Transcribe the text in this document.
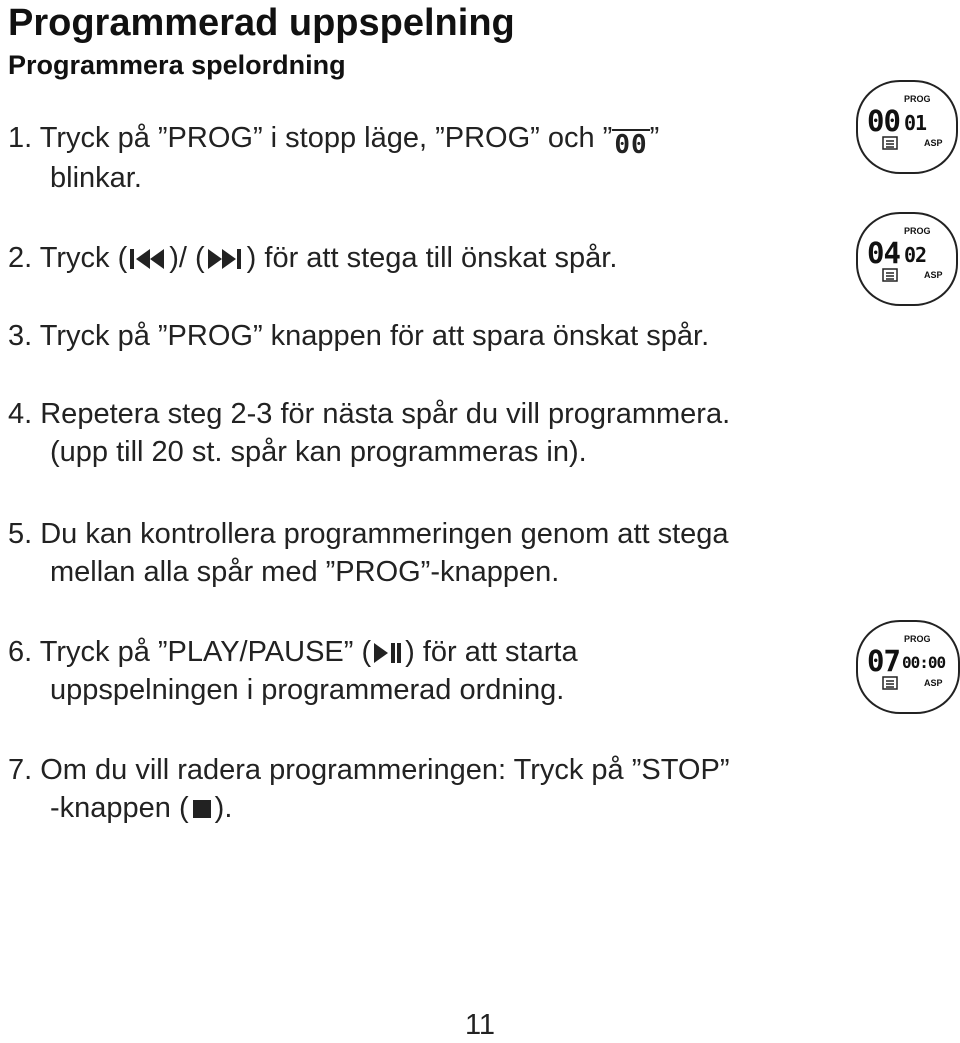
Programmerad uppspelning
Programmera spelordning
1. Tryck på ”PROG” i stopp läge, ”PROG” och ”00”
blinkar.
2. Tryck ( )/ ( ) för att stega till önskat spår.
3. Tryck på ”PROG” knappen för att spara önskat spår.
4. Repetera steg 2-3 för nästa spår du vill programmera.
(upp till 20 st. spår kan programmeras in).
5. Du kan kontrollera programmeringen genom att stega
mellan alla spår med ”PROG”-knappen.
6. Tryck på ”PLAY/PAUSE” ( ) för att starta
uppspelningen i programmerad ordning.
7. Om du vill radera programmeringen: Tryck på ”STOP”
-knappen ( ).
PROG
00 01
ASP
PROG
04 02
ASP
PROG
07 00:00
ASP
11
